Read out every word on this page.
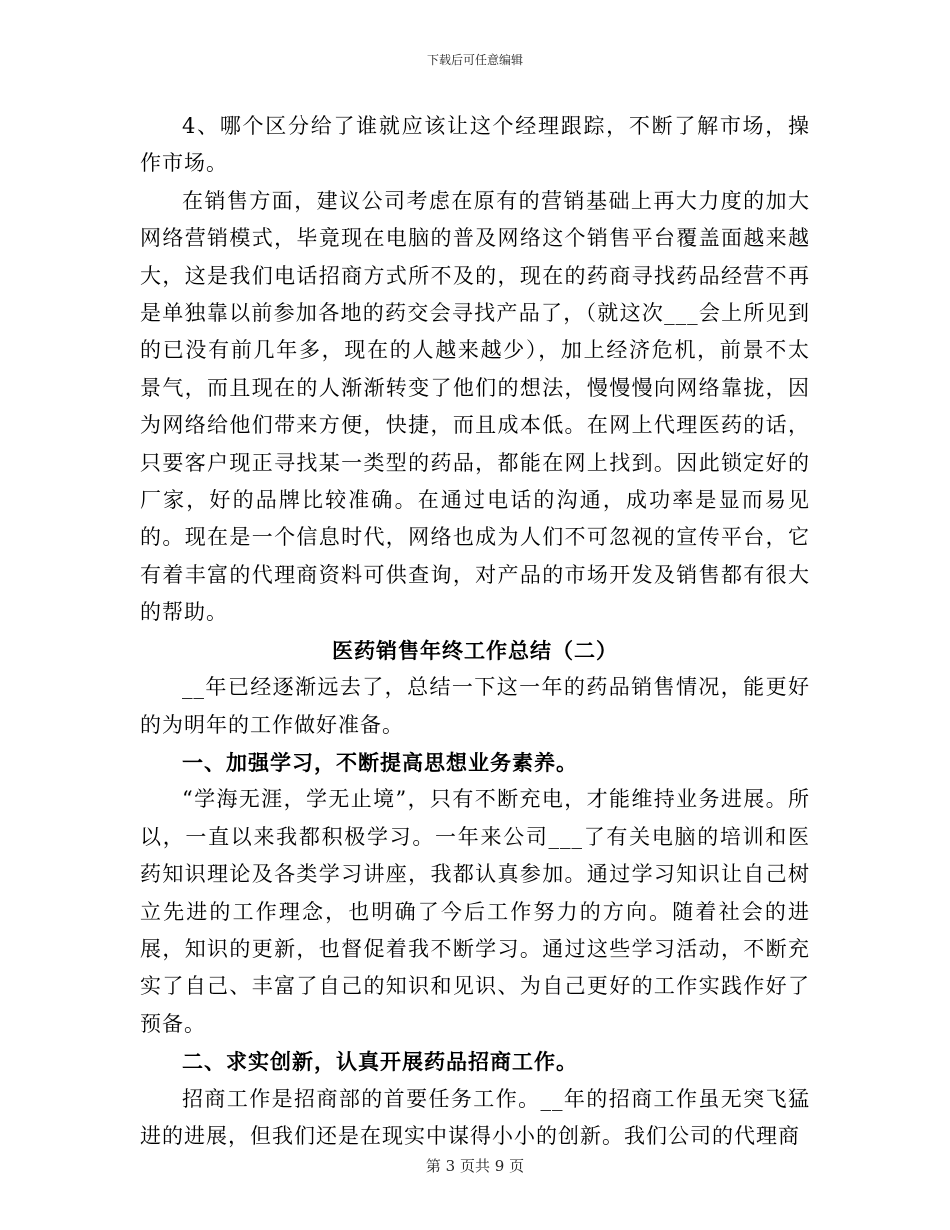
下载后可任意编辑

4、哪个区分给了谁就应该让这个经理跟踪，不断了解市场，操作市场。

在销售方面，建议公司考虑在原有的营销基础上再大力度的加大网络营销模式，毕竟现在电脑的普及网络这个销售平台覆盖面越来越大，这是我们电话招商方式所不及的，现在的药商寻找药品经营不再是单独靠以前参加各地的药交会寻找产品了，（就这次___会上所见到的已没有前几年多，现在的人越来越少），加上经济危机，前景不太景气，而且现在的人渐渐转变了他们的想法，慢慢慢向网络靠拢，因为网络给他们带来方便，快捷，而且成本低。在网上代理医药的话，只要客户现正寻找某一类型的药品，都能在网上找到。因此锁定好的厂家，好的品牌比较准确。在通过电话的沟通，成功率是显而易见的。现在是一个信息时代，网络也成为人们不可忽视的宣传平台，它有着丰富的代理商资料可供查询，对产品的市场开发及销售都有很大的帮助。

医药销售年终工作总结（二）

__年已经逐渐远去了，总结一下这一年的药品销售情况，能更好的为明年的工作做好准备。

一、加强学习，不断提高思想业务素养。

“学海无涯，学无止境”，只有不断充电，才能维持业务进展。所以，一直以来我都积极学习。一年来公司___了有关电脑的培训和医药知识理论及各类学习讲座，我都认真参加。通过学习知识让自己树立先进的工作理念，也明确了今后工作努力的方向。随着社会的进展，知识的更新，也督促着我不断学习。通过这些学习活动，不断充实了自己、丰富了自己的知识和见识、为自己更好的工作实践作好了预备。

二、求实创新，认真开展药品招商工作。

招商工作是招商部的首要任务工作。__年的招商工作虽无突飞猛进的进展，但我们还是在现实中谋得小小的创新。我们公司的代理商

第 3 页共 9 页
